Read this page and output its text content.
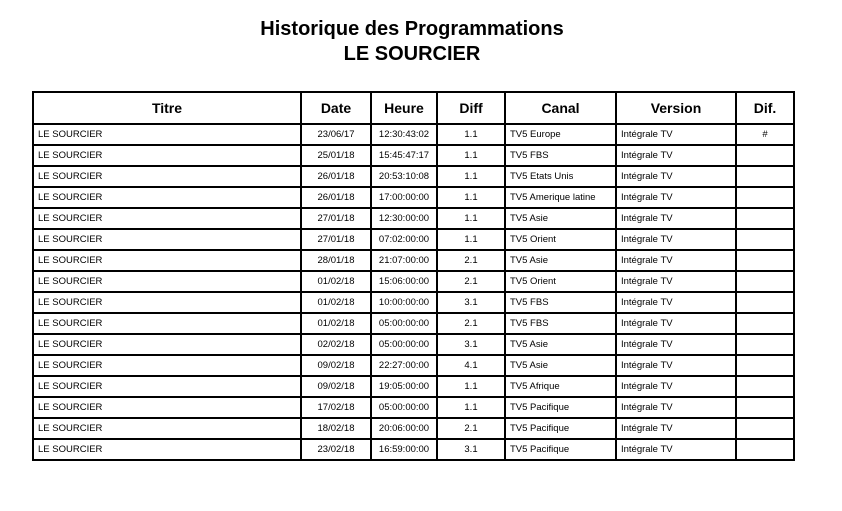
Historique des Programmations
LE SOURCIER
Titre	Date	Heure	Diff	Canal	Version	Dif.
LE SOURCIER	23/06/17	12:30:43:02	1.1	TV5 Europe	Intégrale TV	#
LE SOURCIER	25/01/18	15:45:47:17	1.1	TV5 FBS	Intégrale TV	
LE SOURCIER	26/01/18	20:53:10:08	1.1	TV5 Etats Unis	Intégrale TV	
LE SOURCIER	26/01/18	17:00:00:00	1.1	TV5 Amerique latine	Intégrale TV	
LE SOURCIER	27/01/18	12:30:00:00	1.1	TV5 Asie	Intégrale TV	
LE SOURCIER	27/01/18	07:02:00:00	1.1	TV5 Orient	Intégrale TV	
LE SOURCIER	28/01/18	21:07:00:00	2.1	TV5 Asie	Intégrale TV	
LE SOURCIER	01/02/18	15:06:00:00	2.1	TV5 Orient	Intégrale TV	
LE SOURCIER	01/02/18	10:00:00:00	3.1	TV5 FBS	Intégrale TV	
LE SOURCIER	01/02/18	05:00:00:00	2.1	TV5 FBS	Intégrale TV	
LE SOURCIER	02/02/18	05:00:00:00	3.1	TV5 Asie	Intégrale TV	
LE SOURCIER	09/02/18	22:27:00:00	4.1	TV5 Asie	Intégrale TV	
LE SOURCIER	09/02/18	19:05:00:00	1.1	TV5 Afrique	Intégrale TV	
LE SOURCIER	17/02/18	05:00:00:00	1.1	TV5 Pacifique	Intégrale TV	
LE SOURCIER	18/02/18	20:06:00:00	2.1	TV5 Pacifique	Intégrale TV	
LE SOURCIER	23/02/18	16:59:00:00	3.1	TV5 Pacifique	Intégrale TV	
